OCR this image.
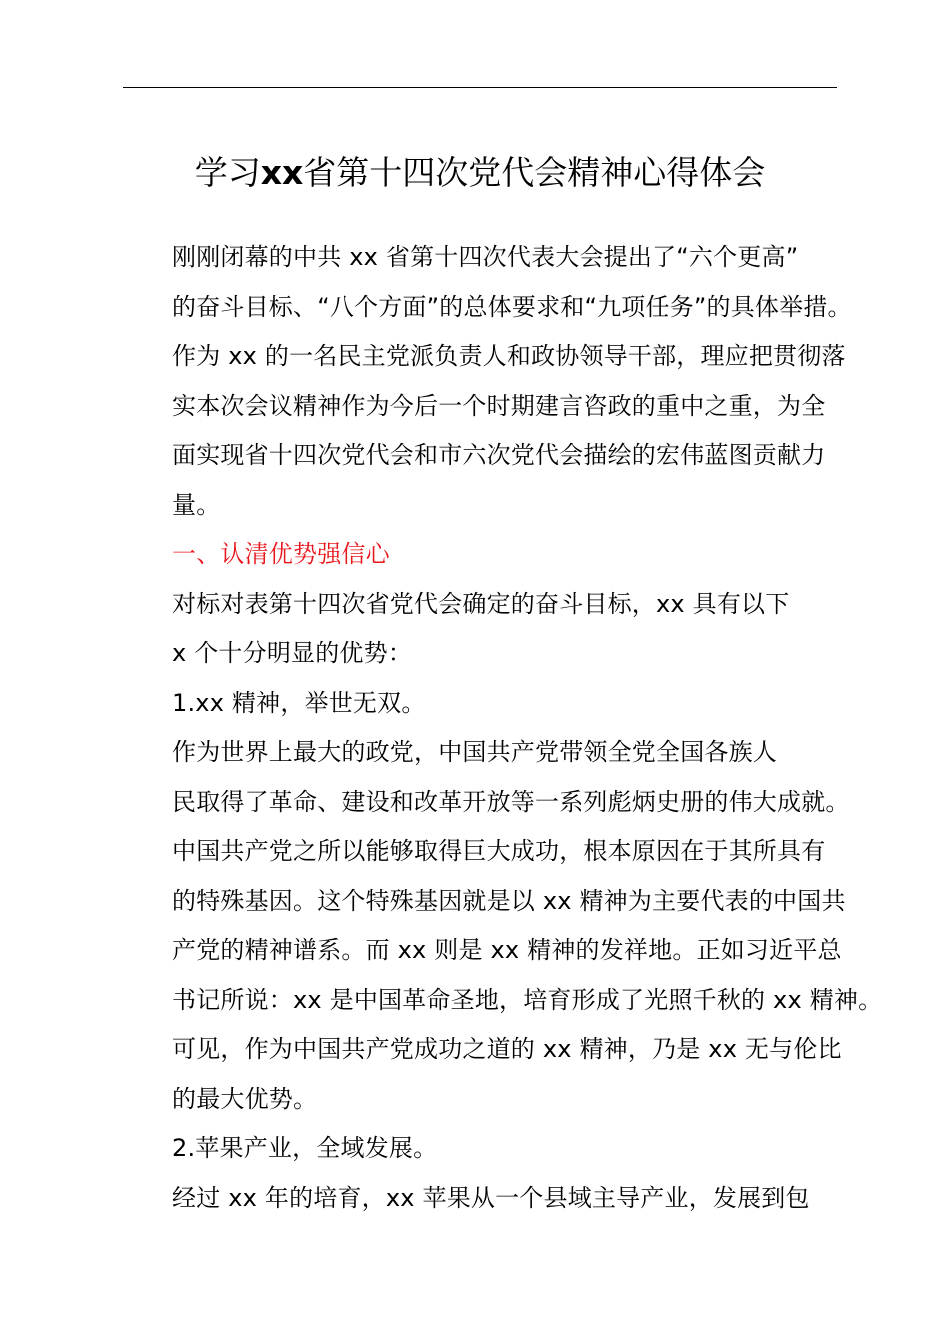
学习xx省第十四次党代会精神心得体会

刚刚闭幕的中共 xx 省第十四次代表大会提出了“六个更高”
的奋斗目标、“八个方面”的总体要求和“九项任务”的具体举措。
作为 xx 的一名民主党派负责人和政协领导干部，理应把贯彻落
实本次会议精神作为今后一个时期建言咨政的重中之重，为全
面实现省十四次党代会和市六次党代会描绘的宏伟蓝图贡献力
量。

一、认清优势强信心

对标对表第十四次省党代会确定的奋斗目标，xx 具有以下
x 个十分明显的优势：

1.xx 精神，举世无双。

作为世界上最大的政党，中国共产党带领全党全国各族人
民取得了革命、建设和改革开放等一系列彪炳史册的伟大成就。
中国共产党之所以能够取得巨大成功，根本原因在于其所具有
的特殊基因。这个特殊基因就是以 xx 精神为主要代表的中国共
产党的精神谱系。而 xx 则是 xx 精神的发祥地。正如习近平总
书记所说：xx 是中国革命圣地，培育形成了光照千秋的 xx 精神。
可见，作为中国共产党成功之道的 xx 精神，乃是 xx 无与伦比
的最大优势。

2.苹果产业，全域发展。

经过 xx 年的培育，xx 苹果从一个县域主导产业，发展到包
